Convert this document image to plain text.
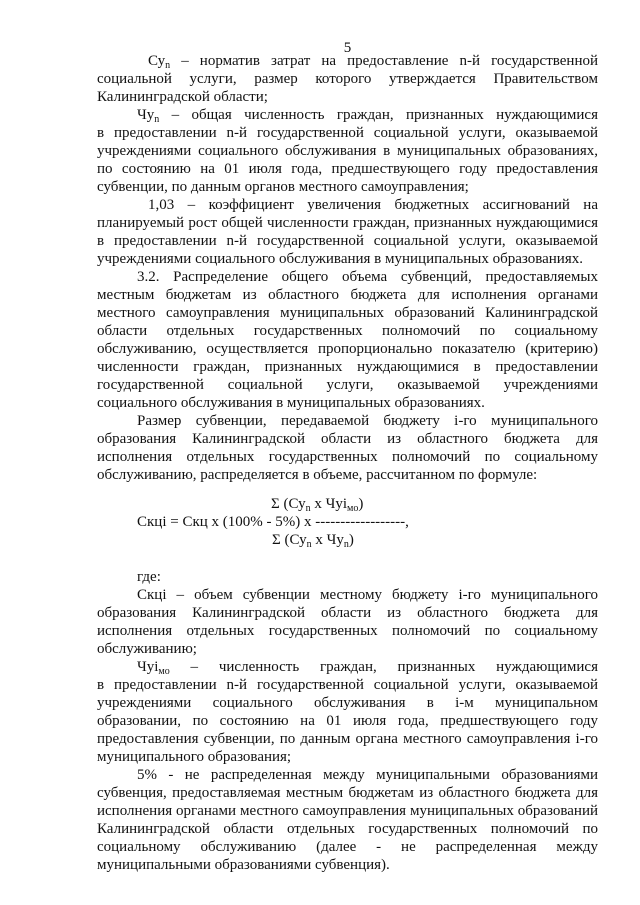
5
$Су_n$ – норматив затрат на предоставление n-й государственной
социальной услуги, размер которого утверждается Правительством
Калининградской области;
$Чу_n$ – общая численность граждан, признанных нуждающимися
в предоставлении n-й государственной социальной услуги, оказываемой
учреждениями социального обслуживания в муниципальных образованиях,
по состоянию на 01 июля года, предшествующего году предоставления
субвенции, по данным органов местного самоуправления;
1,03 – коэффициент увеличения бюджетных ассигнований на
планируемый рост общей численности граждан, признанных нуждающимися
в предоставлении n-й государственной социальной услуги, оказываемой
учреждениями социального обслуживания в муниципальных образованиях.
3.2. Распределение общего объема субвенций, предоставляемых
местным бюджетам из областного бюджета для исполнения органами
местного самоуправления муниципальных образований Калининградской
области отдельных государственных полномочий по социальному
обслуживанию, осуществляется пропорционально показателю (критерию)
численности граждан, признанных нуждающимися в предоставлении
государственной социальной услуги, оказываемой учреждениями
социального обслуживания в муниципальных образованиях.
Размер субвенции, передаваемой бюджету i-го муниципального
образования Калининградской области из областного бюджета для
исполнения отдельных государственных полномочий по социальному
обслуживанию, распределяется в объеме, рассчитанном по формуле:
Σ ($Су_n$ х Чуi$_{мо}$)
Скцi = Скц х (100% - 5%) х ------------------,
Σ ($Су_n$ х $Чу_n$)
где:
Скцi – объем субвенции местному бюджету i-го муниципального
образования Калининградской области из областного бюджета для
исполнения отдельных государственных полномочий по социальному
обслуживанию;
Чуi$_{мо}$ – численность граждан, признанных нуждающимися
в предоставлении n-й государственной социальной услуги, оказываемой
учреждениями социального обслуживания в i-м муниципальном
образовании, по состоянию на 01 июля года, предшествующего году
предоставления субвенции, по данным органа местного самоуправления i-го
муниципального образования;
5% - не распределенная между муниципальными образованиями
субвенция, предоставляемая местным бюджетам из областного бюджета для
исполнения органами местного самоуправления муниципальных образований
Калининградской области отдельных государственных полномочий по
социальному обслуживанию (далее - не распределенная между
муниципальными образованиями субвенция).
